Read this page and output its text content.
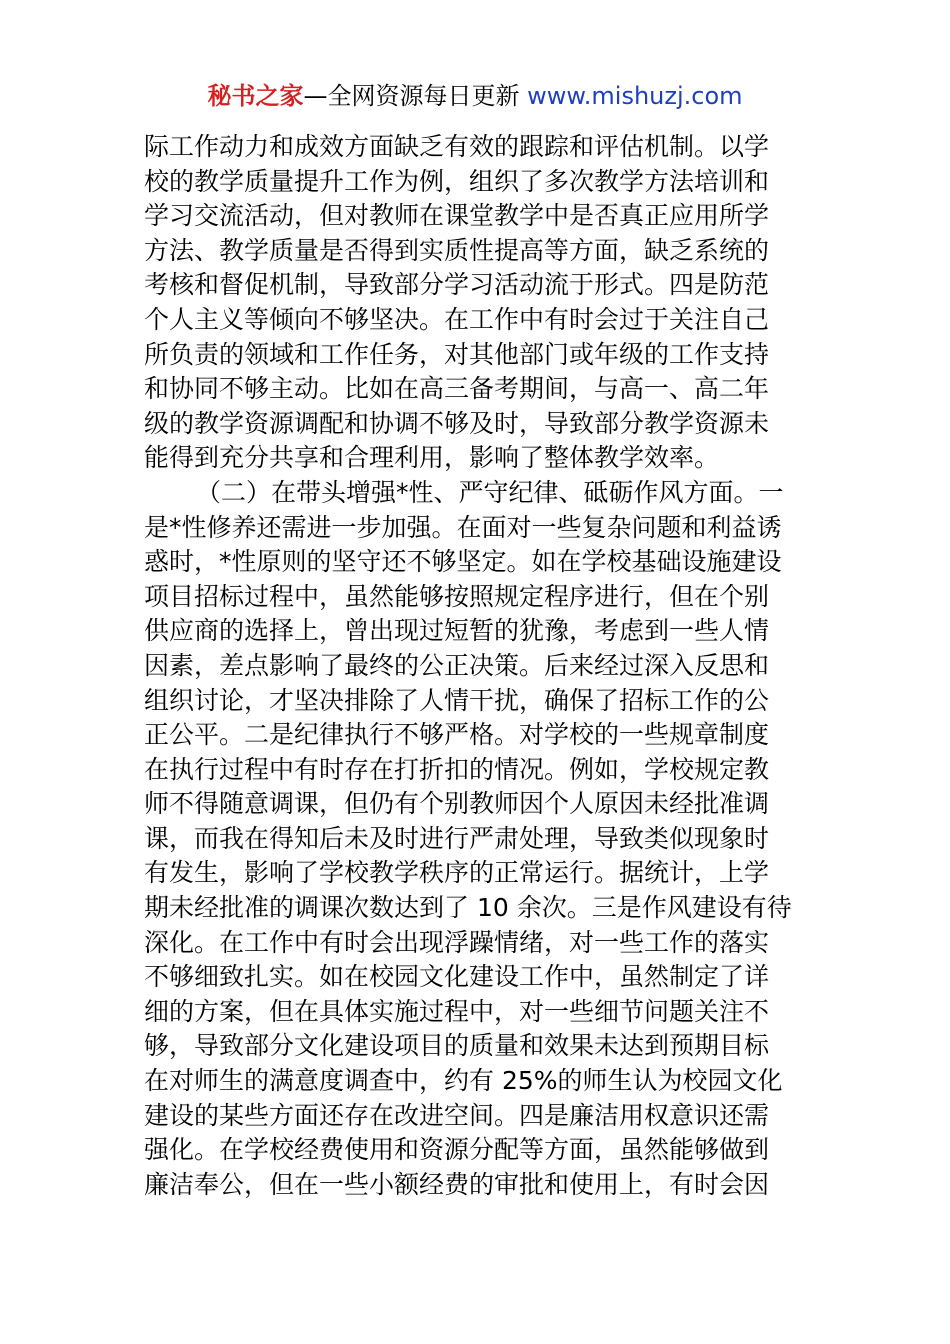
秘书之家—全网资源每日更新 www.mishuzj.com
际工作动力和成效方面缺乏有效的跟踪和评估机制。以学
校的教学质量提升工作为例，组织了多次教学方法培训和
学习交流活动，但对教师在课堂教学中是否真正应用所学
方法、教学质量是否得到实质性提高等方面，缺乏系统的
考核和督促机制，导致部分学习活动流于形式。四是防范
个人主义等倾向不够坚决。在工作中有时会过于关注自己
所负责的领域和工作任务，对其他部门或年级的工作支持
和协同不够主动。比如在高三备考期间，与高一、高二年
级的教学资源调配和协调不够及时，导致部分教学资源未
能得到充分共享和合理利用，影响了整体教学效率。
（二）在带头增强*性、严守纪律、砥砺作风方面。一
是*性修养还需进一步加强。在面对一些复杂问题和利益诱
惑时，*性原则的坚守还不够坚定。如在学校基础设施建设
项目招标过程中，虽然能够按照规定程序进行，但在个别
供应商的选择上，曾出现过短暂的犹豫，考虑到一些人情
因素，差点影响了最终的公正决策。后来经过深入反思和
组织讨论，才坚决排除了人情干扰，确保了招标工作的公
正公平。二是纪律执行不够严格。对学校的一些规章制度
在执行过程中有时存在打折扣的情况。例如，学校规定教
师不得随意调课，但仍有个别教师因个人原因未经批准调
课，而我在得知后未及时进行严肃处理，导致类似现象时
有发生，影响了学校教学秩序的正常运行。据统计，上学
期未经批准的调课次数达到了 10 余次。三是作风建设有待
深化。在工作中有时会出现浮躁情绪，对一些工作的落实
不够细致扎实。如在校园文化建设工作中，虽然制定了详
细的方案，但在具体实施过程中，对一些细节问题关注不
够，导致部分文化建设项目的质量和效果未达到预期目标
在对师生的满意度调查中，约有 25%的师生认为校园文化
建设的某些方面还存在改进空间。四是廉洁用权意识还需
强化。在学校经费使用和资源分配等方面，虽然能够做到
廉洁奉公，但在一些小额经费的审批和使用上，有时会因
